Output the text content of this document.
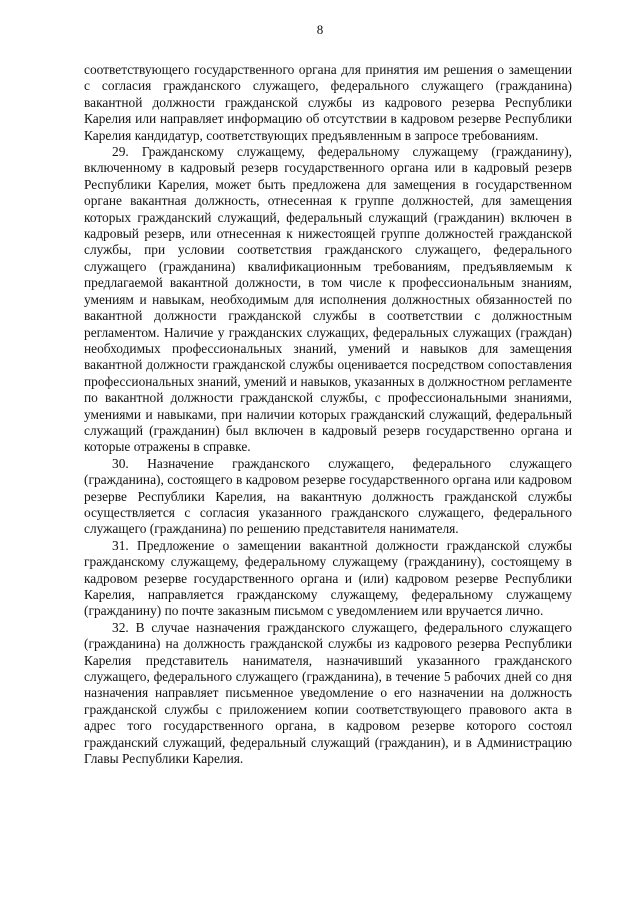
8

соответствующего государственного органа для принятия им решения о замещении с согласия гражданского служащего, федерального служащего (гражданина) вакантной должности гражданской службы из кадрового резерва Республики Карелия или направляет информацию об отсутствии в кадровом резерве Республики Карелия кандидатур, соответствующих предъявленным в запросе требованиям.

29. Гражданскому служащему, федеральному служащему (гражданину), включенному в кадровый резерв государственного органа или в кадровый резерв Республики Карелия, может быть предложена для замещения в государственном органе вакантная должность, отнесенная к группе должностей, для замещения которых гражданский служащий, федеральный служащий (гражданин) включен в кадровый резерв, или отнесенная к нижестоящей группе должностей гражданской службы, при условии соответствия гражданского служащего, федерального служащего (гражданина) квалификационным требованиям, предъявляемым к предлагаемой вакантной должности, в том числе к профессиональным знаниям, умениям и навыкам, необходимым для исполнения должностных обязанностей по вакантной должности гражданской службы в соответствии с должностным регламентом. Наличие у гражданских служащих, федеральных служащих (граждан) необходимых профессиональных знаний, умений и навыков для замещения вакантной должности гражданской службы оценивается посредством сопоставления профессиональных знаний, умений и навыков, указанных в должностном регламенте по вакантной должности гражданской службы, с профессиональными знаниями, умениями и навыками, при наличии которых гражданский служащий, федеральный служащий (гражданин) был включен в кадровый резерв государственно органа и которые отражены в справке.

30. Назначение гражданского служащего, федерального служащего (гражданина), состоящего в кадровом резерве государственного органа или кадровом резерве Республики Карелия, на вакантную должность гражданской службы осуществляется с согласия указанного гражданского служащего, федерального служащего (гражданина) по решению представителя нанимателя.

31. Предложение о замещении вакантной должности гражданской службы гражданскому служащему, федеральному служащему (гражданину), состоящему в кадровом резерве государственного органа и (или) кадровом резерве Республики Карелия, направляется гражданскому служащему, федеральному служащему (гражданину) по почте заказным письмом с уведомлением или вручается лично.

32. В случае назначения гражданского служащего, федерального служащего (гражданина) на должность гражданской службы из кадрового резерва Республики Карелия представитель нанимателя, назначивший указанного гражданского служащего, федерального служащего (гражданина), в течение 5 рабочих дней со дня назначения направляет письменное уведомление о его назначении на должность гражданской службы с приложением копии соответствующего правового акта в адрес того государственного органа, в кадровом резерве которого состоял гражданский служащий, федеральный служащий (гражданин), и в Администрацию Главы Республики Карелия.
